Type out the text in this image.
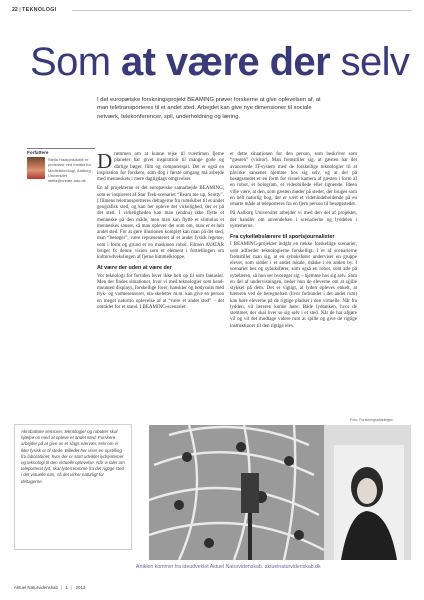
22 | TEKNOLOGI
Som at være der selv

I det europæiske forskningsprojekt BEAMING prøver forskerne at give oplevelsen af, at man teletransporteres til et andet sted. Arbejdet kan give nye dimensioner til sociale netværk, telekonferencer, spil, underholdning og læring.

Forfattere
Stella Haakonsdottir er professor ved Institut for Medieteknologi, Aalborg Universitet stella@create.aau.dk

Drømmen om at kunne rejse til tværtimen fjerne planeter har givet inspiration til mange gode og dårlige bøger, film og computerspil. Det er også en inspiration for forskere, som dog i første omgang må arbejde med menneskets i mere dagligdags omgivelser.

En af projekterne er det europæiske samarbejde BEAMING, som er inspireret af Star Trek-scenariet “Beam me up, Scotty”. I filmens teletransportteres deltagerne fra rumskibet til et andet geografisk sted, og kan her opleve det virkelighed, der er på det sted. I virkeligheden kan man (endnu) ikke flytte et menneske på den måde, men man kan flytte et stimulus et menneskes sanser, så man oplever det som om, man er et helt andet sted. For at gøre illusionen komplet kan man på det sted, man “besøger”, være repræsenteret af et andet fysisk legeme, som i form og grund er en maskinen robot. Filmen AVATAR bruger fx denne vision som et element i fortællingen om kulturudvekslingen af fjerne himmelkroppe.

At være der uden at være der

Vor teknologi for fortiden lever ikke helt op til som fantasier. Men der findes situationer, hvor vi med teknologier som head-mounted displays, forskellige forer, hanskler og bodysuits med tryk- og varmesensorer, oto-skeletter m.m. kan give en person en meget naturtro oplevelse af at “være et andet sted” – det området for et stand. I BEAMING-scenariet

er dette situationen for den person, som beskriver som “gæsten” (visitor). Man fremstiller sig, at gæsten har det avancerede IT-system med de forskellige teknologier til at påvirke sansener hjemme hos sig selv, og at der på besøgsstedet er en form for visuel kamera af gæsten i form af en robot, et hologram, et videobillede eller lignende. Ideen ville være, at den, som gæsten møder på stedet, der bruges som en helt naturlig bog, der er vært et videnindeholdende på en smarte måde at teleporteres fra en fjern person til besøgsstedet.

På Aalborg Universitet arbejder vi med den del af projektet, der handler om anvendelsen i scenarierne og lyddelen i systemerne.

Fra cykelløbslærere til sportsjournalister

I BEAMING-projektet indgår en række forskellige scenarier, som adfærder teknologierne forskelligt. I et af scenarierne fremstiller man sig, at en sybuksfører underviser en gruppe elever, som sidder i et andet lokale, måske i en anden by. I scenariet bes og sybuksfører, som også en robot, som alle på sybelæren, så hun ser hvorøger sig – hjemme hos sig selv. Som en del af undervisningen, beder hun de eleverne om at sjjille stykket på dem. Det er vigtigt, at lyden opleves enkelt, at hæreren ved de beregnelsen (hvor forbundet i det andet rum) kan høre eleverne på de rigtige pladser i den virtuelle. Når fra lydden, vil læreren kunne høre. Både lydtanken, hvor de stemmer, der skal hver se sig selv i et sted. Når de har afgøre vil og vil det modtage videre rum at spille og give de rigtige instruktioner til den rigtige elev.

Foto: Forskningsafdelingen
Akrobatiske sensorer, teknologier og robotter skal hjælpe os med at opleve et andet sted. Forskere arbejder på at give os et slags nærvær, selv om vi ikke fysisk er til stede. Billedet her viser en opstilling fra laboratoriet, hvor der er stort udviklet lydsystemer og teknologi til den virtuelle oplevelse. Når vi taler om teleporteret lyd, skal lyden komme fra det rigtige sted i det virtuelle rum, så det virker naturligt for deltagerne.
Artiklen kommer fra ideudveklet Aktuel Naturvidenskab. aktuelnaturvidenskab.dk
Aktuel Naturvidenskab | 1 | 2013
